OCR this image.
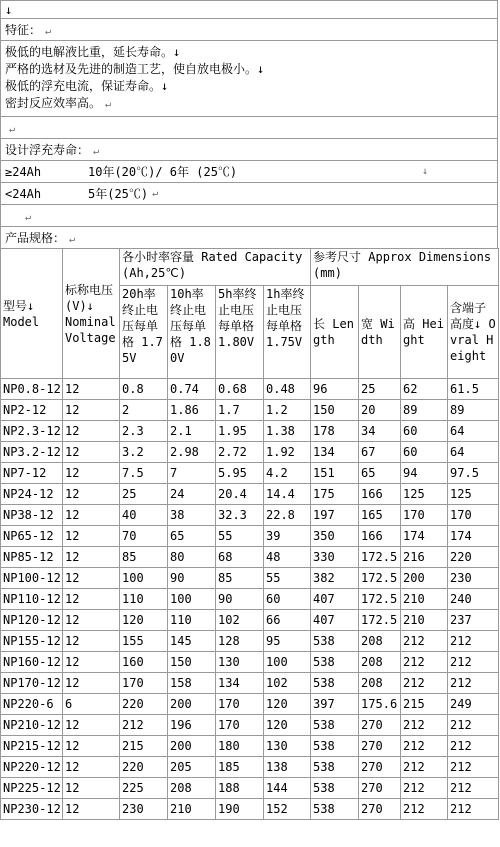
↓
特征： ↵
极低的电解液比重，延长寿命。↓
严格的选材及先进的制造工艺，使自放电极小。↓
极低的浮充电流，保证寿命。↓
密封反应效率高。 ↵
↵
设计浮充寿命： ↵
≥24Ah	10年(20℃)/ 6年 (25℃)	↓
<24Ah	5年(25℃) ↵
↵
产品规格： ↵
型号↓
Model	标称电压(V)↓
Nominal Voltage	各小时率容量 Rated Capacity(Ah,25℃)				参考尺寸 Approx Dimensions(mm)			
		20h率终止电压每单格 1.75V	10h率终止电压每单格 1.80V	5h率终止电压每单格 1.80V	1h率终止电压每单格 1.75V	长 Length	宽 Width	高 Height	含端子高度↓ Ovral Height
NP0.8-12	12	0.8	0.74	0.68	0.48	96	25	62	61.5
NP2-12	12	2	1.86	1.7	1.2	150	20	89	89
NP2.3-12	12	2.3	2.1	1.95	1.38	178	34	60	64
NP3.2-12	12	3.2	2.98	2.72	1.92	134	67	60	64
NP7-12	12	7.5	7	5.95	4.2	151	65	94	97.5
NP24-12	12	25	24	20.4	14.4	175	166	125	125
NP38-12	12	40	38	32.3	22.8	197	165	170	170
NP65-12	12	70	65	55	39	350	166	174	174
NP85-12	12	85	80	68	48	330	172.5	216	220
NP100-12	12	100	90	85	55	382	172.5	200	230
NP110-12	12	110	100	90	60	407	172.5	210	240
NP120-12	12	120	110	102	66	407	172.5	210	237
NP155-12	12	155	145	128	95	538	208	212	212
NP160-12	12	160	150	130	100	538	208	212	212
NP170-12	12	170	158	134	102	538	208	212	212
NP220-6	6	220	200	170	120	397	175.6	215	249
NP210-12	12	212	196	170	120	538	270	212	212
NP215-12	12	215	200	180	130	538	270	212	212
NP220-12	12	220	205	185	138	538	270	212	212
NP225-12	12	225	208	188	144	538	270	212	212
NP230-12	12	230	210	190	152	538	270	212	212
